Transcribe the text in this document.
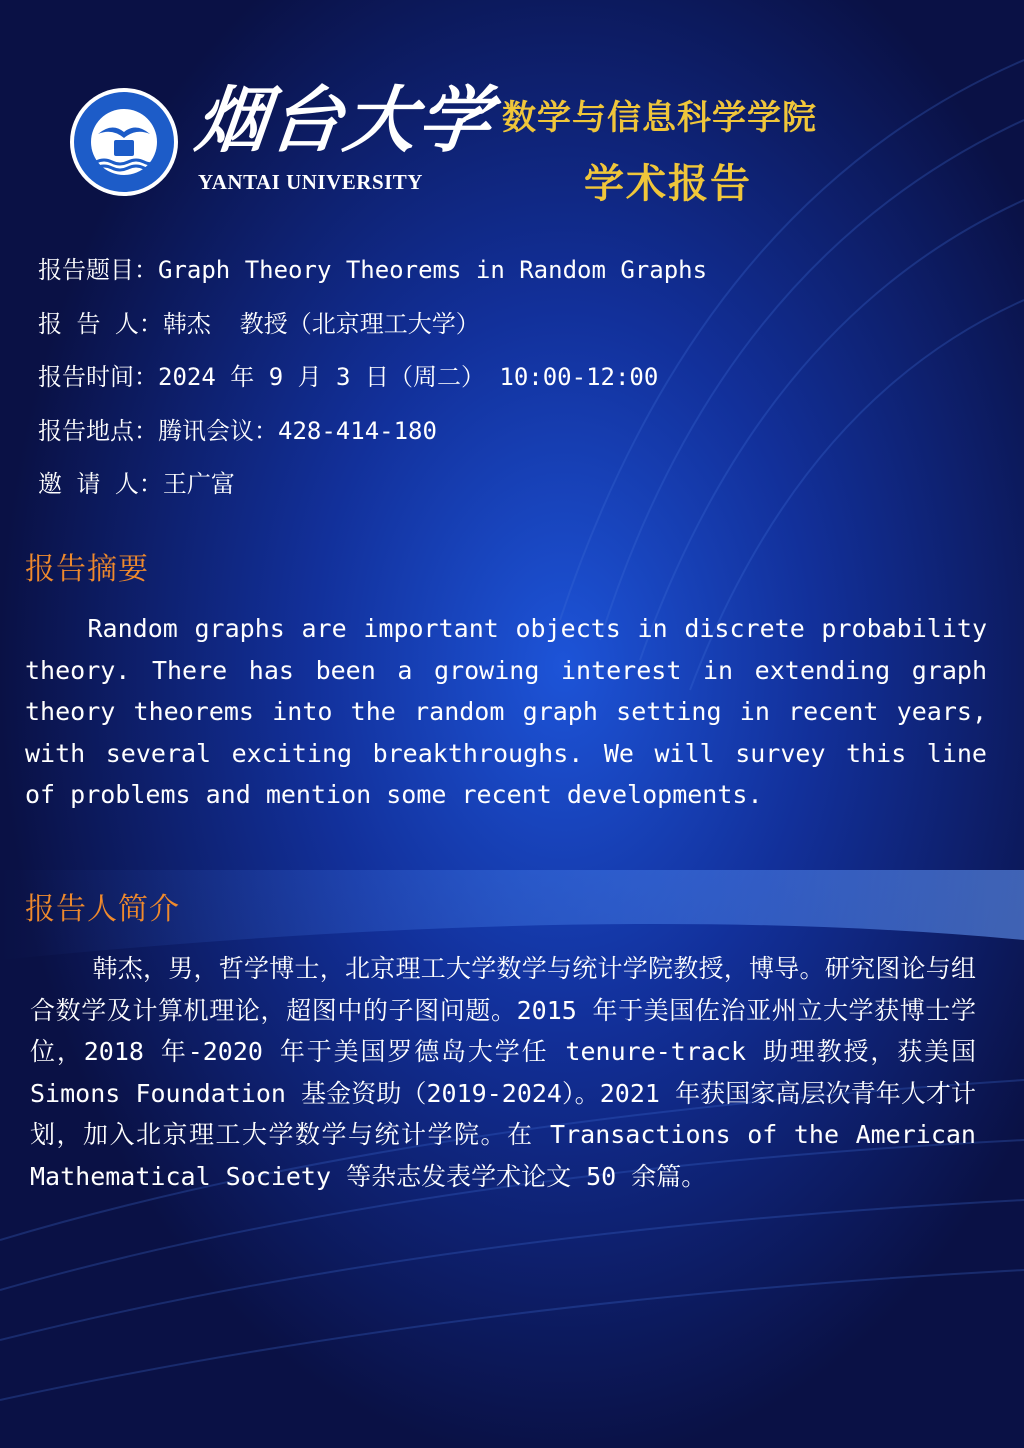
烟台大学
YANTAI UNIVERSITY
数学与信息科学学院
学术报告
报告题目：Graph Theory Theorems in Random Graphs
报 告 人：韩杰  教授（北京理工大学）
报告时间：2024 年 9 月 3 日（周二） 10:00-12:00
报告地点：腾讯会议：428-414-180
邀 请 人：王广富
报告摘要
Random graphs are important objects in discrete probability theory. There has been a growing interest in extending graph theory theorems into the random graph setting in recent years, with several exciting breakthroughs. We will survey this line of problems and mention some recent developments.
报告人简介
韩杰，男，哲学博士，北京理工大学数学与统计学院教授，博导。研究图论与组合数学及计算机理论，超图中的子图问题。2015 年于美国佐治亚州立大学获博士学位，2018 年-2020 年于美国罗德岛大学任 tenure-track 助理教授，获美国 Simons Foundation 基金资助（2019-2024）。2021 年获国家高层次青年人才计划，加入北京理工大学数学与统计学院。在 Transactions of the American Mathematical Society 等杂志发表学术论文 50 余篇。
